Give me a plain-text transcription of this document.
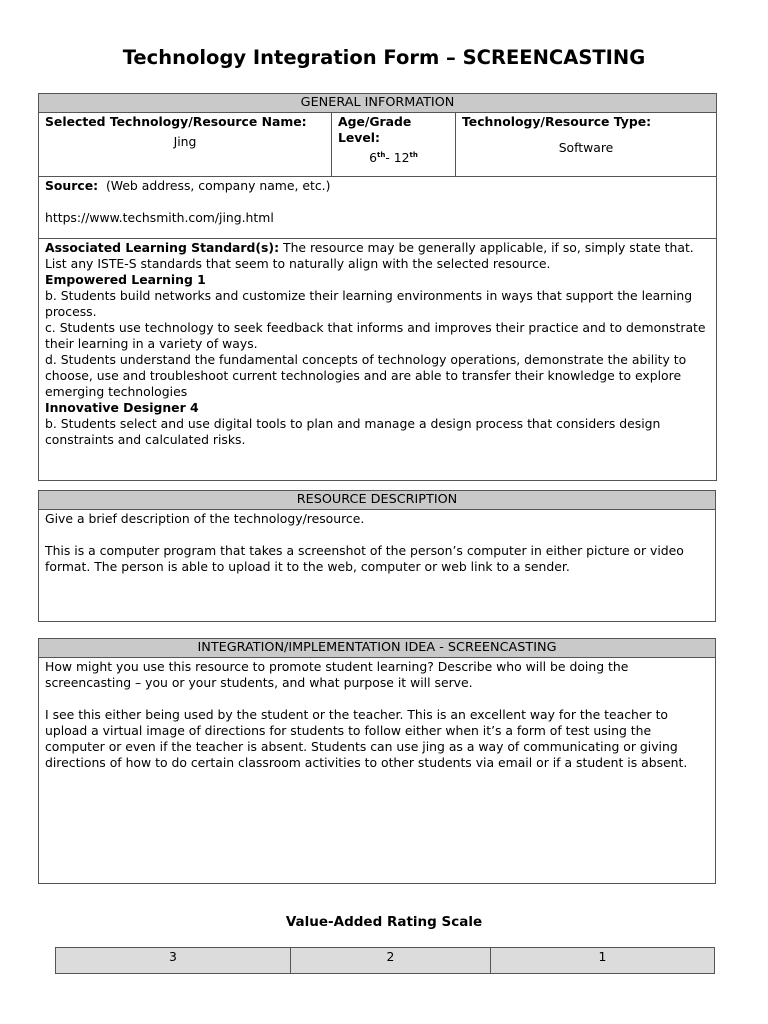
Technology Integration Form – SCREENCASTING
GENERAL INFORMATION

Selected Technology/Resource Name:
Jing

Age/Grade Level:
6th- 12th

Technology/Resource Type:
Software

Source:  (Web address, company name, etc.)

https://www.techsmith.com/jing.html

Associated Learning Standard(s): The resource may be generally applicable, if so, simply state that. List any ISTE-S standards that seem to naturally align with the selected resource.

Empowered Learning 1

b. Students build networks and customize their learning environments in ways that support the learning process.

c. Students use technology to seek feedback that informs and improves their practice and to demonstrate their learning in a variety of ways.

d. Students understand the fundamental concepts of technology operations, demonstrate the ability to choose, use and troubleshoot current technologies and are able to transfer their knowledge to explore emerging technologies

Innovative Designer 4

b. Students select and use digital tools to plan and manage a design process that considers design constraints and calculated risks.

RESOURCE DESCRIPTION

Give a brief description of the technology/resource.

This is a computer program that takes a screenshot of the person’s computer in either picture or video format. The person is able to upload it to the web, computer or web link to a sender.

INTEGRATION/IMPLEMENTATION IDEA - SCREENCASTING

How might you use this resource to promote student learning? Describe who will be doing the screencasting – you or your students, and what purpose it will serve.

I see this either being used by the student or the teacher. This is an excellent way for the teacher to upload a virtual image of directions for students to follow either when it’s a form of test using the computer or even if the teacher is absent. Students can use jing as a way of communicating or giving directions of how to do certain classroom activities to other students via email or if a student is absent.

Value-Added Rating Scale
3	2	1
